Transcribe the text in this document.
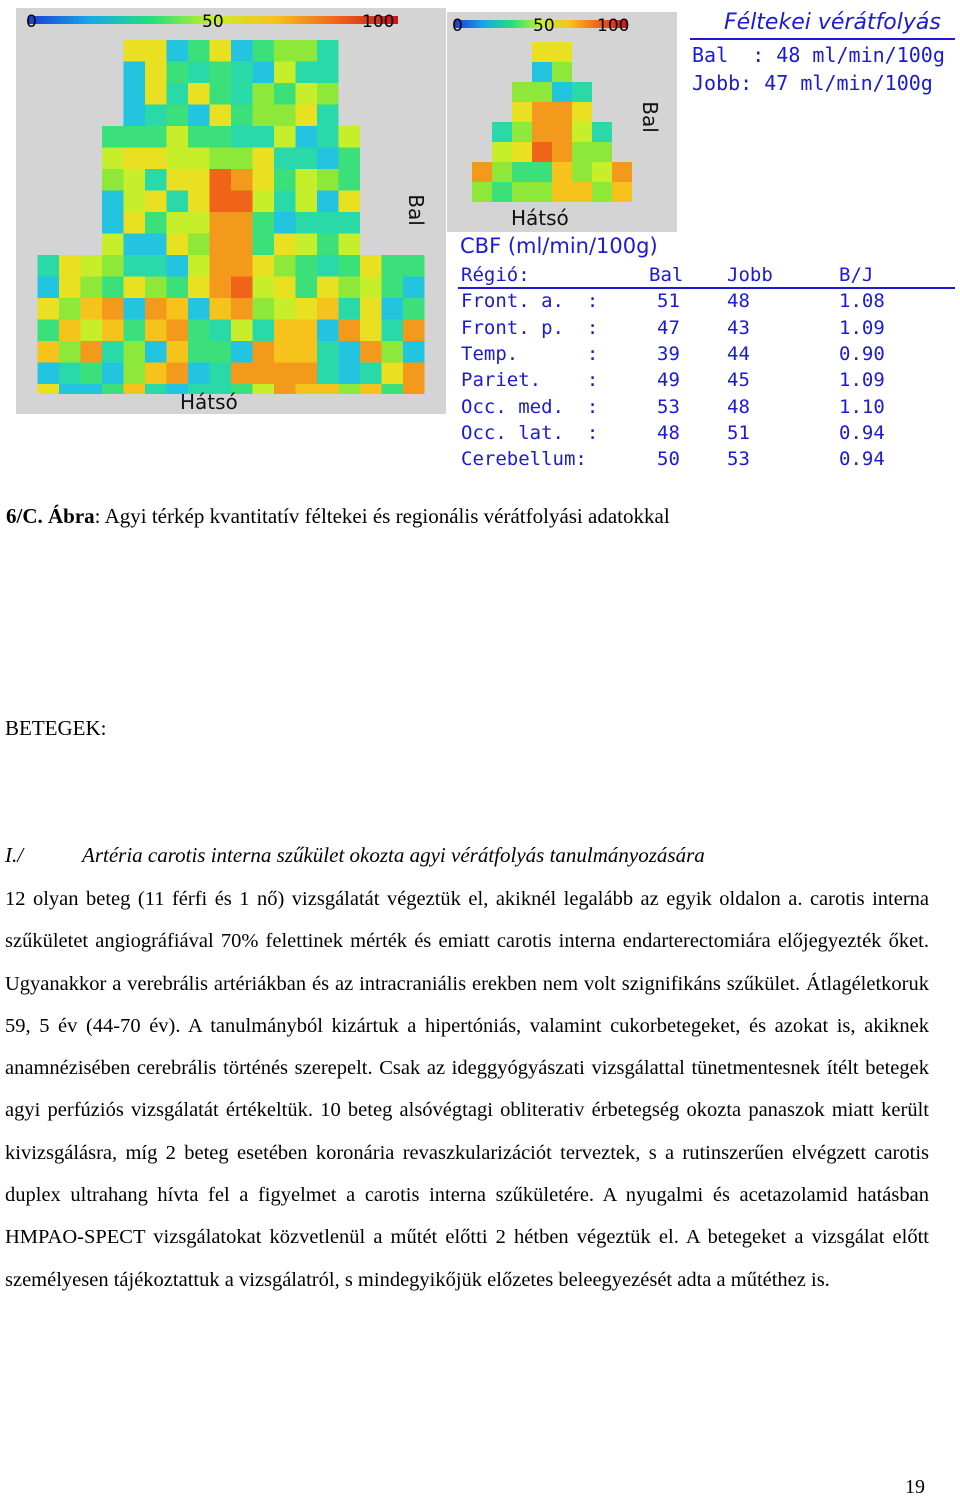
0	50	100
Hátsó
Bal
0	50 100
Hátsó
Bal
Féltekei vérátfolyás
Bal  : 48 ml/min/100g
Jobb: 47 ml/min/100g
CBF (ml/min/100g)
Régió:	Bal	Jobb	B/J
Front. a.  :	51	48	1.08
Front. p.  :	47	43	1.09
Temp.      :	39	44	0.90
Pariet.    :	49	45	1.09
Occ. med.  :	53	48	1.10
Occ. lat.  :	48	51	0.94
Cerebellum:	50	53	0.94
6/C. Ábra: Agyi térkép kvantitatív féltekei és regionális vérátfolyási adatokkal
BETEGEK:
I./	Artéria carotis interna szűkület okozta agyi vérátfolyás tanulmányozására
12 olyan beteg (11 férfi és 1 nő) vizsgálatát végeztük el, akiknél legalább az egyik oldalon a. carotis interna szűkületet angiográfiával 70% felettinek mérték és emiatt carotis interna endarterectomiára előjegyezték őket. Ugyanakkor a verebrális artériákban és az intracraniális erekben nem volt szignifikáns szűkület. Átlagéletkoruk 59, 5 év (44-70 év). A tanulmányból kizártuk a hipertóniás, valamint cukorbetegeket, és azokat is, akiknek anamnézisében cerebrális történés szerepelt. Csak az ideggyógyászati vizsgálattal tünetmentesnek ítélt betegek agyi perfúziós vizsgálatát értékeltük. 10 beteg alsóvégtagi obliterativ érbetegség okozta panaszok miatt került kivizsgálásra, míg 2 beteg esetében koronária revaszkularizációt terveztek, s a rutinszerűen elvégzett carotis duplex ultrahang hívta fel a figyelmet a carotis interna szűkületére. A nyugalmi és acetazolamid hatásban HMPAO-SPECT vizsgálatokat közvetlenül a műtét előtti 2 hétben végeztük el. A betegeket a vizsgálat előtt személyesen tájékoztattuk a vizsgálatról, s mindegyikőjük előzetes beleegyezését adta a műtéthez is.
19
